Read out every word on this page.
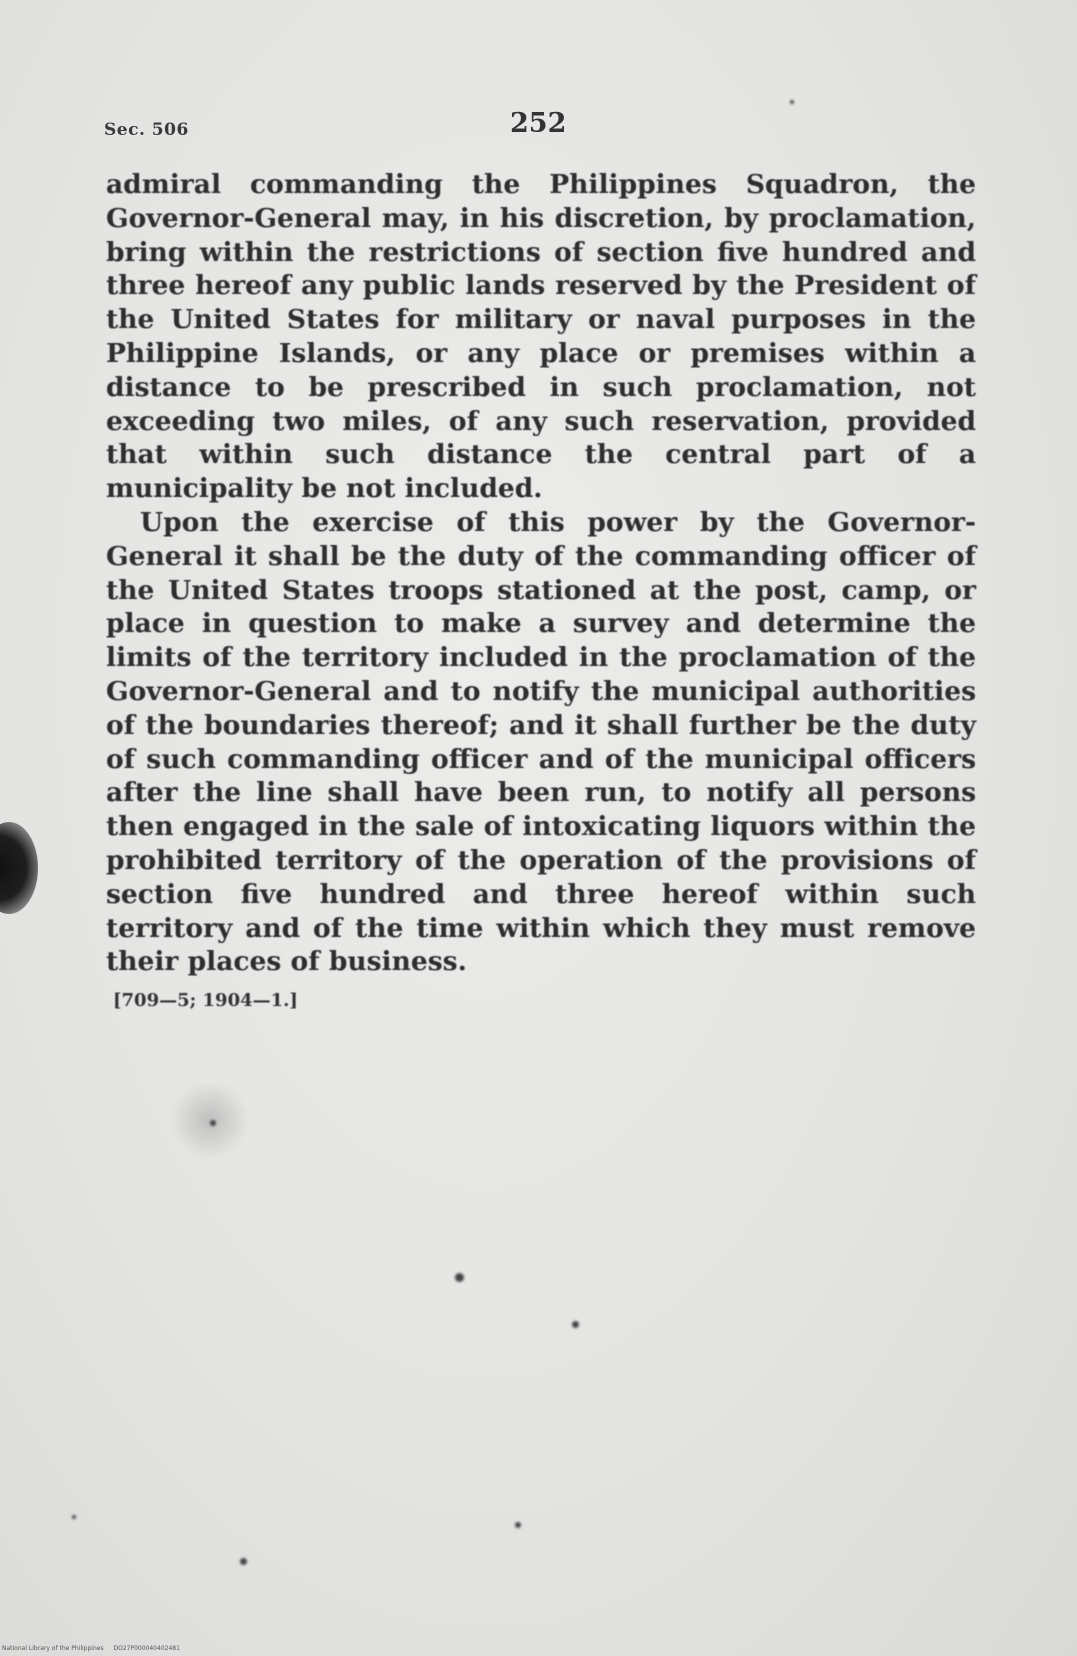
Sec. 506	252

admiral commanding the Philippines Squadron, the Governor-General may, in his discretion, by proclamation, bring within the restrictions of section five hundred and three hereof any public lands reserved by the President of the United States for military or naval purposes in the Philippine Islands, or any place or premises within a distance to be prescribed in such proclamation, not exceeding two miles, of any such reservation, provided that within such distance the central part of a municipality be not included.

Upon the exercise of this power by the Governor-General it shall be the duty of the commanding officer of the United States troops stationed at the post, camp, or place in question to make a survey and determine the limits of the territory included in the proclamation of the Governor-General and to notify the municipal authorities of the boundaries thereof; and it shall further be the duty of such commanding officer and of the municipal officers after the line shall have been run, to notify all persons then engaged in the sale of intoxicating liquors within the prohibited territory of the operation of the provisions of section five hundred and three hereof within such territory and of the time within which they must remove their places of business.

[709—5; 1904—1.]
National Library of the Philippines DO27P000040402481
